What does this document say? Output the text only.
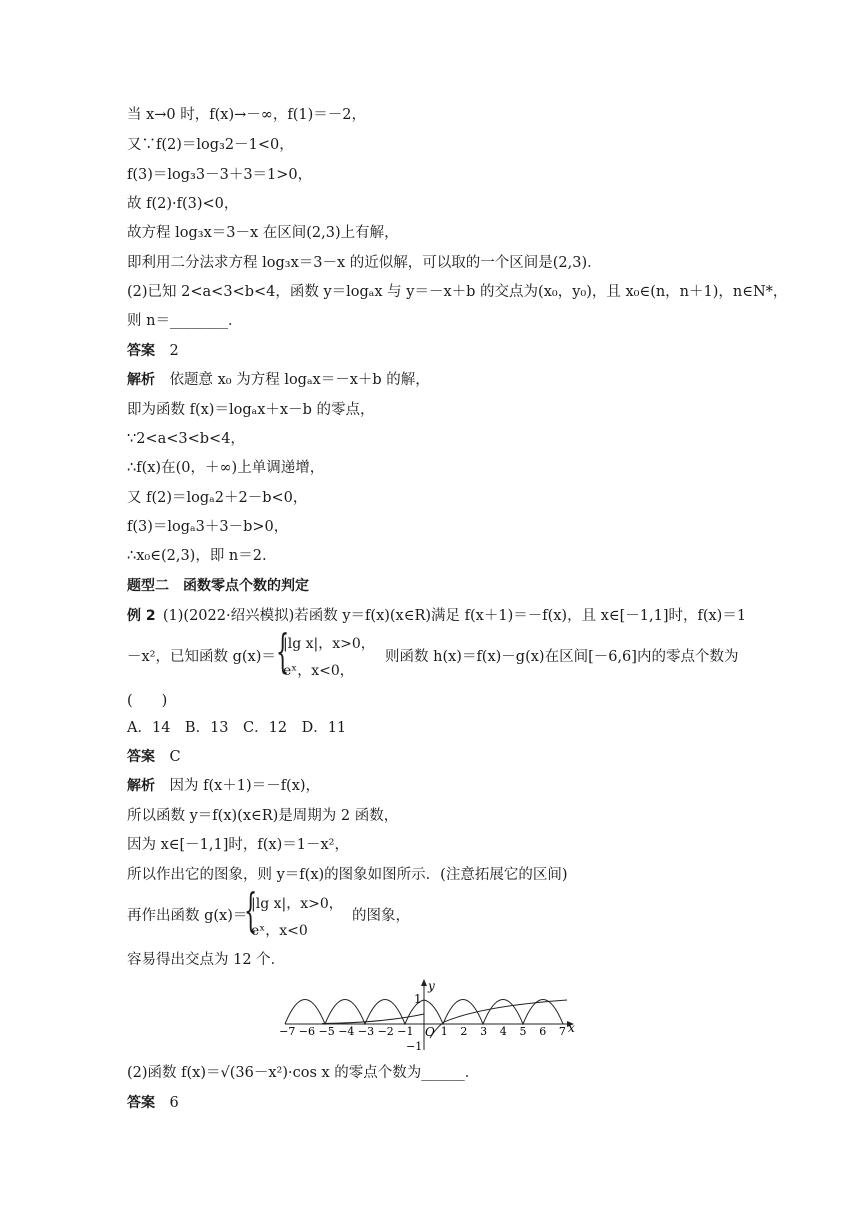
当 x→0 时，f(x)→－∞，f(1)＝－2，
又∵f(2)＝log₃2－1<0，
f(3)＝log₃3－3＋3＝1>0，
故 f(2)·f(3)<0，
故方程 log₃x＝3－x 在区间(2,3)上有解，
即利用二分法求方程 log₃x＝3－x 的近似解，可以取的一个区间是(2,3)．
(2)已知 2<a<3<b<4，函数 y＝logₐx 与 y＝－x＋b 的交点为(x₀，y₀)，且 x₀∈(n，n＋1)，n∈N*，
则 n＝________．
答案  2
解析  依题意 x₀ 为方程 logₐx＝－x＋b 的解，
即为函数 f(x)＝logₐx＋x－b 的零点，
∵2<a<3<b<4，
∴f(x)在(0，＋∞)上单调递增，
又 f(2)＝logₐ2＋2－b<0，
f(3)＝logₐ3＋3－b>0，
∴x₀∈(2,3)，即 n＝2.
题型二　函数零点个数的判定
例 2  (1)(2022·绍兴模拟)若函数 y＝f(x)(x∈R)满足 f(x＋1)＝－f(x)，且 x∈[－1,1]时，f(x)＝1
－x²，已知函数 g(x)＝ {
|lg x|，x>0，
eˣ，x<0，
则函数 h(x)＝f(x)－g(x)在区间[－6,6]内的零点个数为
(　　)
A．14　B．13　C．12　D．11
答案  C
解析  因为 f(x＋1)＝－f(x)，
所以函数 y＝f(x)(x∈R)是周期为 2 函数，
因为 x∈[－1,1]时，f(x)＝1－x²，
所以作出它的图象，则 y＝f(x)的图象如图所示．(注意拓展它的区间)
再作出函数 g(x)＝
{
|lg x|，x>0，
eˣ，x<0
的图象，
容易得出交点为 12 个．
y
x
O
1
−1
−7 −6 −5 −4 −3 −2 −1 1 2 3 4 5 6 7
(2)函数 f(x)＝√(36－x²)·cos x 的零点个数为______．
答案  6
